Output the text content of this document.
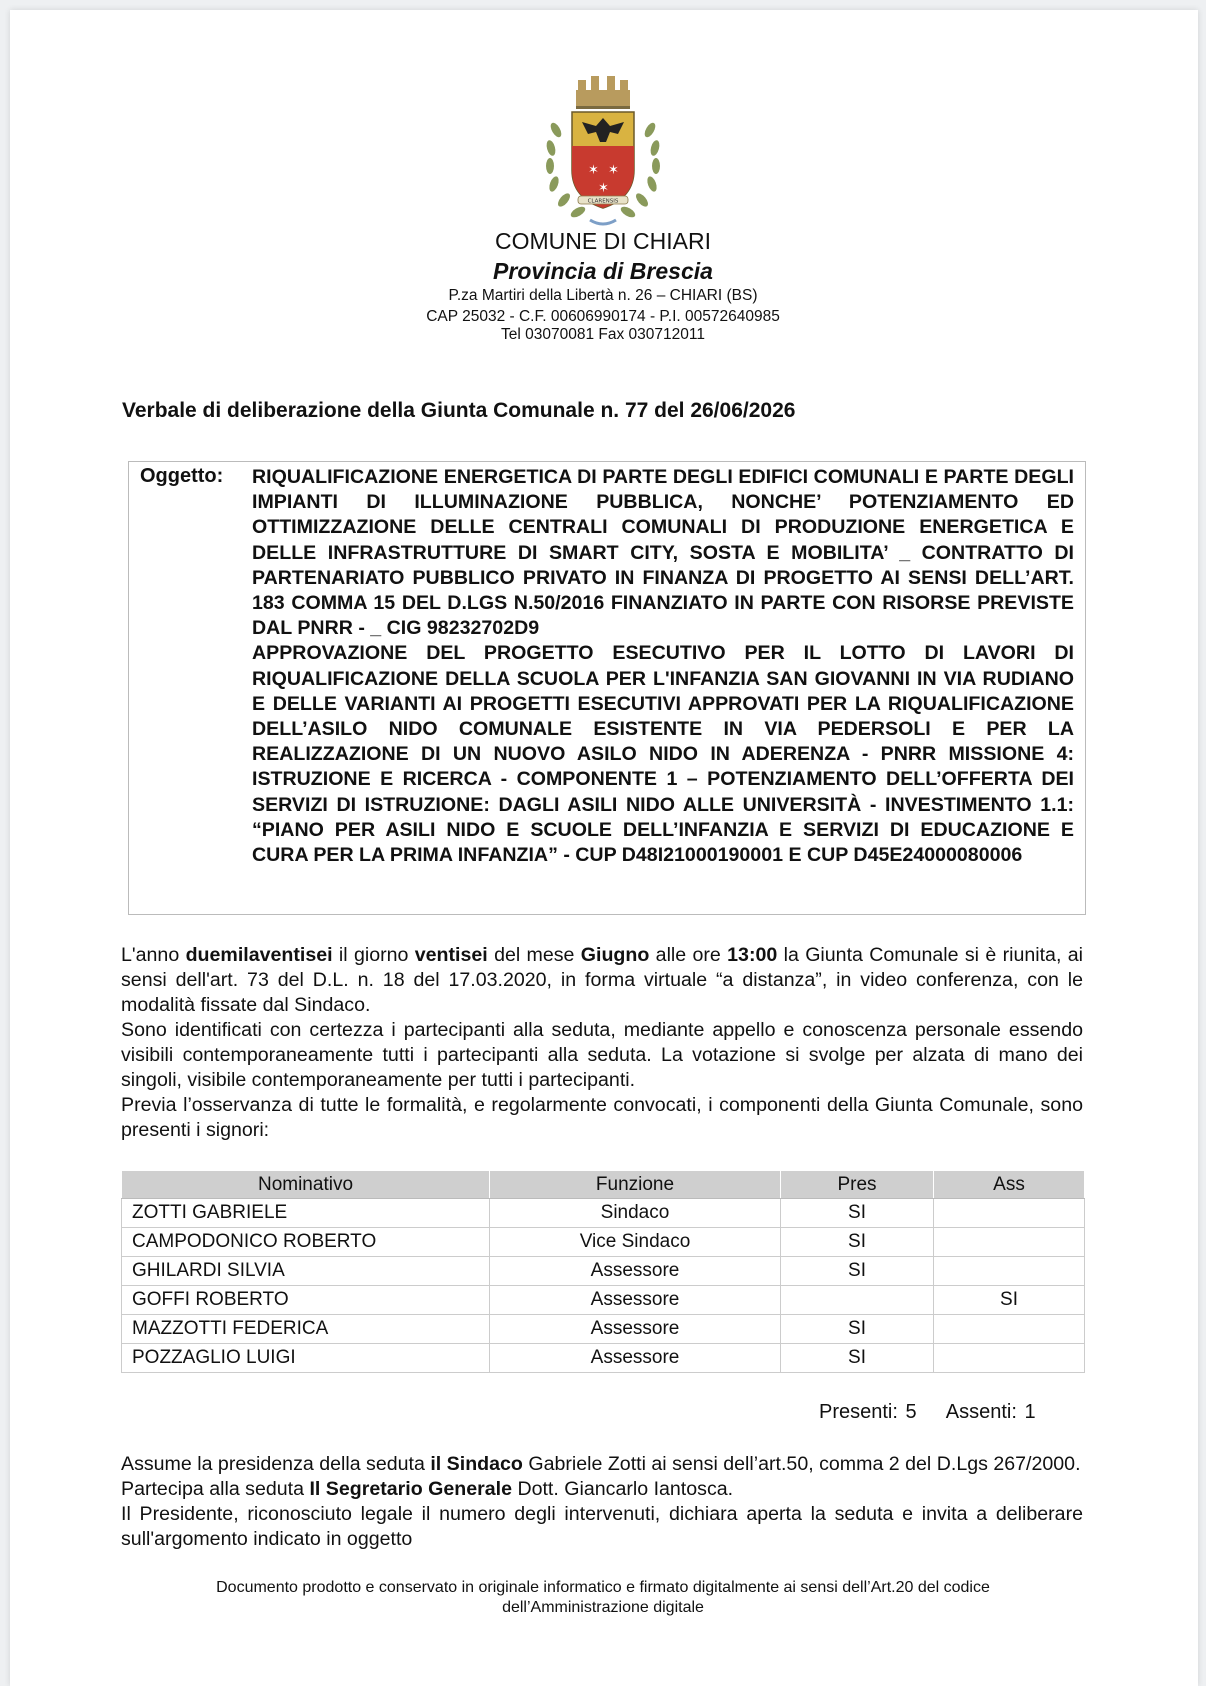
✶ ✶
✶
CLARENSIS
COMUNE DI CHIARI
Provincia di Brescia
P.za Martiri della Libertà n. 26 – CHIARI (BS)
CAP 25032 - C.F. 00606990174 - P.I. 00572640985
Tel 03070081 Fax 030712011
Verbale di deliberazione della Giunta Comunale n. 77 del 26/06/2026
Oggetto: RIQUALIFICAZIONE ENERGETICA DI PARTE DEGLI EDIFICI COMUNALI E PARTE DEGLI IMPIANTI DI ILLUMINAZIONE PUBBLICA, NONCHE’ POTENZIAMENTO ED OTTIMIZZAZIONE DELLE CENTRALI COMUNALI DI PRODUZIONE ENERGETICA E DELLE INFRASTRUTTURE DI SMART CITY, SOSTA E MOBILITA’ _ CONTRATTO DI PARTENARIATO PUBBLICO PRIVATO IN FINANZA DI PROGETTO AI SENSI DELL’ART. 183 COMMA 15 DEL D.LGS N.50/2016 FINANZIATO IN PARTE CON RISORSE PREVISTE DAL PNRR - _ CIG 98232702D9

APPROVAZIONE DEL PROGETTO ESECUTIVO PER IL LOTTO DI LAVORI DI RIQUALIFICAZIONE DELLA SCUOLA PER L'INFANZIA SAN GIOVANNI IN VIA RUDIANO E DELLE VARIANTI AI PROGETTI ESECUTIVI APPROVATI PER LA RIQUALIFICAZIONE DELL’ASILO NIDO COMUNALE ESISTENTE IN VIA PEDERSOLI E PER LA REALIZZAZIONE DI UN NUOVO ASILO NIDO IN ADERENZA - PNRR MISSIONE 4: ISTRUZIONE E RICERCA - COMPONENTE 1 – POTENZIAMENTO DELL’OFFERTA DEI SERVIZI DI ISTRUZIONE: DAGLI ASILI NIDO ALLE UNIVERSITÀ - INVESTIMENTO 1.1: “PIANO PER ASILI NIDO E SCUOLE DELL’INFANZIA E SERVIZI DI EDUCAZIONE E CURA PER LA PRIMA INFANZIA” - CUP D48I21000190001 E CUP D45E24000080006

L'anno duemilaventisei il giorno ventisei del mese Giugno alle ore 13:00 la Giunta Comunale si è riunita, ai sensi dell'art. 73 del D.L. n. 18 del 17.03.2020, in forma virtuale “a distanza”, in video conferenza, con le modalità fissate dal Sindaco.

Sono identificati con certezza i partecipanti alla seduta, mediante appello e conoscenza personale essendo visibili contemporaneamente tutti i partecipanti alla seduta. La votazione si svolge per alzata di mano dei singoli, visibile contemporaneamente per tutti i partecipanti.

Previa l’osservanza di tutte le formalità, e regolarmente convocati, i componenti della Giunta Comunale, sono presenti i signori:

Nominativo	Funzione	Pres	Ass
ZOTTI GABRIELE	Sindaco	SI	
CAMPODONICO ROBERTO	Vice Sindaco	SI	
GHILARDI SILVIA	Assessore	SI	
GOFFI ROBERTO	Assessore		SI
MAZZOTTI FEDERICA	Assessore	SI	
POZZAGLIO LUIGI	Assessore	SI	
Presenti: 5 Assenti: 1

Assume la presidenza della seduta il Sindaco Gabriele Zotti ai sensi dell’art.50, comma 2 del D.Lgs 267/2000.

Partecipa alla seduta Il Segretario Generale Dott. Giancarlo Iantosca.

Il Presidente, riconosciuto legale il numero degli intervenuti, dichiara aperta la seduta e invita a deliberare sull'argomento indicato in oggetto

Documento prodotto e conservato in originale informatico e firmato digitalmente ai sensi dell’Art.20 del codice
dell’Amministrazione digitale
